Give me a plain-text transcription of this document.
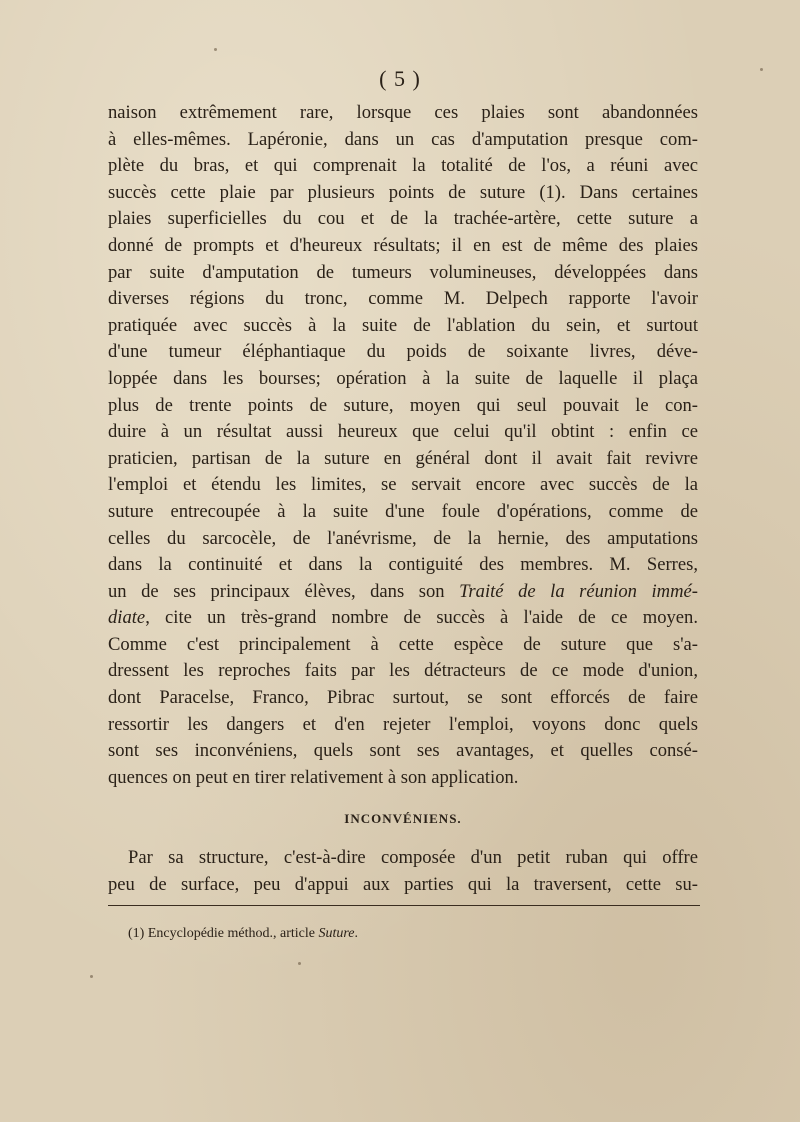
( 5 )
naison extrêmement rare, lorsque ces plaies sont abandonnées
à elles-mêmes. Lapéronie, dans un cas d'amputation presque com-
plète du bras, et qui comprenait la totalité de l'os, a réuni avec
succès cette plaie par plusieurs points de suture (1). Dans certaines
plaies superficielles du cou et de la trachée-artère, cette suture a
donné de prompts et d'heureux résultats; il en est de même des plaies
par suite d'amputation de tumeurs volumineuses, développées dans
diverses régions du tronc, comme M. Delpech rapporte l'avoir
pratiquée avec succès à la suite de l'ablation du sein, et surtout
d'une tumeur éléphantiaque du poids de soixante livres, déve-
loppée dans les bourses; opération à la suite de laquelle il plaça
plus de trente points de suture, moyen qui seul pouvait le con-
duire à un résultat aussi heureux que celui qu'il obtint : enfin ce
praticien, partisan de la suture en général dont il avait fait revivre
l'emploi et étendu les limites, se servait encore avec succès de la
suture entrecoupée à la suite d'une foule d'opérations, comme de
celles du sarcocèle, de l'anévrisme, de la hernie, des amputations
dans la continuité et dans la contiguité des membres. M. Serres,
un de ses principaux élèves, dans son Traité de la réunion immé-
diate, cite un très-grand nombre de succès à l'aide de ce moyen.
Comme c'est principalement à cette espèce de suture que s'a-
dressent les reproches faits par les détracteurs de ce mode d'union,
dont Paracelse, Franco, Pibrac surtout, se sont efforcés de faire
ressortir les dangers et d'en rejeter l'emploi, voyons donc quels
sont ses inconvéniens, quels sont ses avantages, et quelles consé-
quences on peut en tirer relativement à son application.
INCONVÉNIENS.
Par sa structure, c'est-à-dire composée d'un petit ruban qui offre
peu de surface, peu d'appui aux parties qui la traversent, cette su-
(1) Encyclopédie méthod., article Suture.
